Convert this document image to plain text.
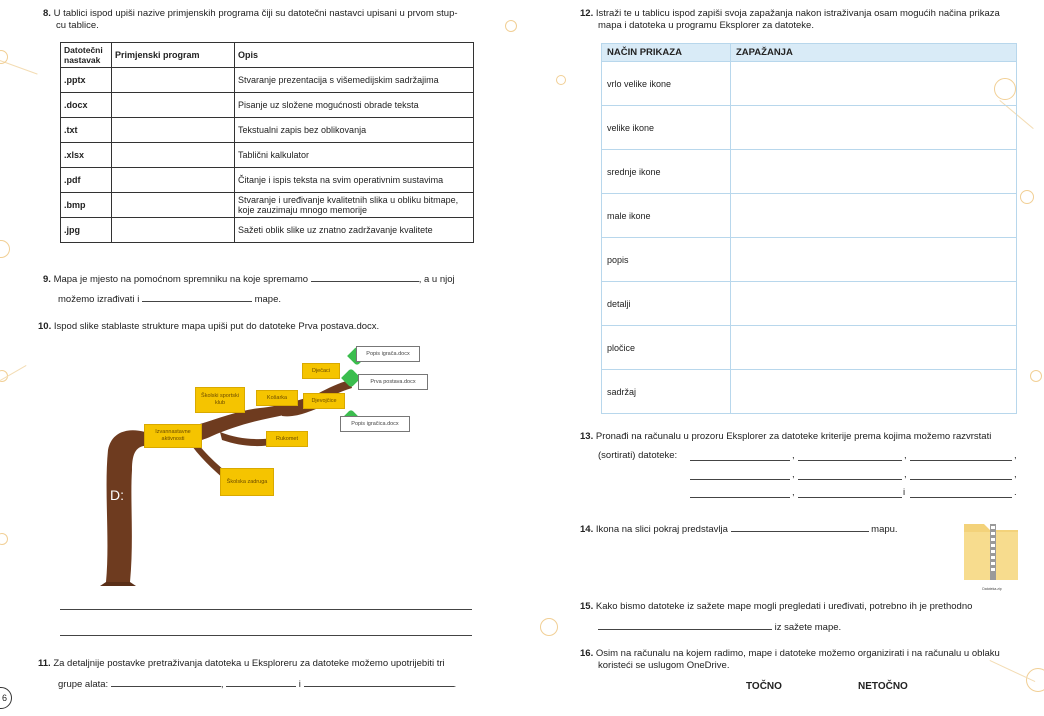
8. U tablici ispod upiši nazive primjenskih programa čiji su datotečni nastavci upisani u prvom stup-
cu tablice.
Datotečni nastavak	Primjenski program	Opis
.pptx		Stvaranje prezentacija s višemedijskim sadržajima
.docx		Pisanje uz složene mogućnosti obrade teksta
.txt		Tekstualni zapis bez oblikovanja
.xlsx		Tablični kalkulator
.pdf		Čitanje i ispis teksta na svim operativnim sustavima
.bmp		Stvaranje i uređivanje kvalitetnih slika u obliku bitmape, koje zauzimaju mnogo memorije
.jpg		Sažeti oblik slike uz znatno zadržavanje kvalitete
9. Mapa je mjesto na pomoćnom spremniku na koje spremamo	, a u njoj
možemo izrađivati i	mape.
10. Ispod slike stablaste strukture mapa upiši put do datoteke Prva postava.docx.
D:
Izvannastavne aktivnosti
Školski sportski klub
Košarka
Dječaci
Djevojčice
Rukomet
Školska zadruga
Popis igrača.docx
Prva postava.docx
Popis igračica.docx
11. Za detaljnije postavke pretraživanja datoteka u Eksploreru za datoteke možemo upotrijebiti tri
grupe alata:	,	i	.
6
12. Istraži te u tablicu ispod zapiši svoja zapažanja nakon istraživanja osam mogućih načina prikaza
mapa i datoteka u programu Eksplorer za datoteke.
NAČIN PRIKAZA	ZAPAŽANJA
vrlo velike ikone	
velike ikone	
srednje ikone	
male ikone	
popis	
detalji	
pločice	
sadržaj	
13. Pronađi na računalu u prozoru Eksplorer za datoteke kriterije prema kojima možemo razvrstati
(sortirati) datoteke:	,	,	,
,	,	,
,	i	.
14. Ikona na slici pokraj predstavlja	mapu.
Datoteka.zip
15. Kako bismo datoteke iz sažete mape mogli pregledati i uređivati, potrebno ih je prethodno
iz sažete mape.
16. Osim na računalu na kojem radimo, mape i datoteke možemo organizirati i na računalu u oblaku
koristeći se uslugom OneDrive.
TOČNO	NETOČNO
